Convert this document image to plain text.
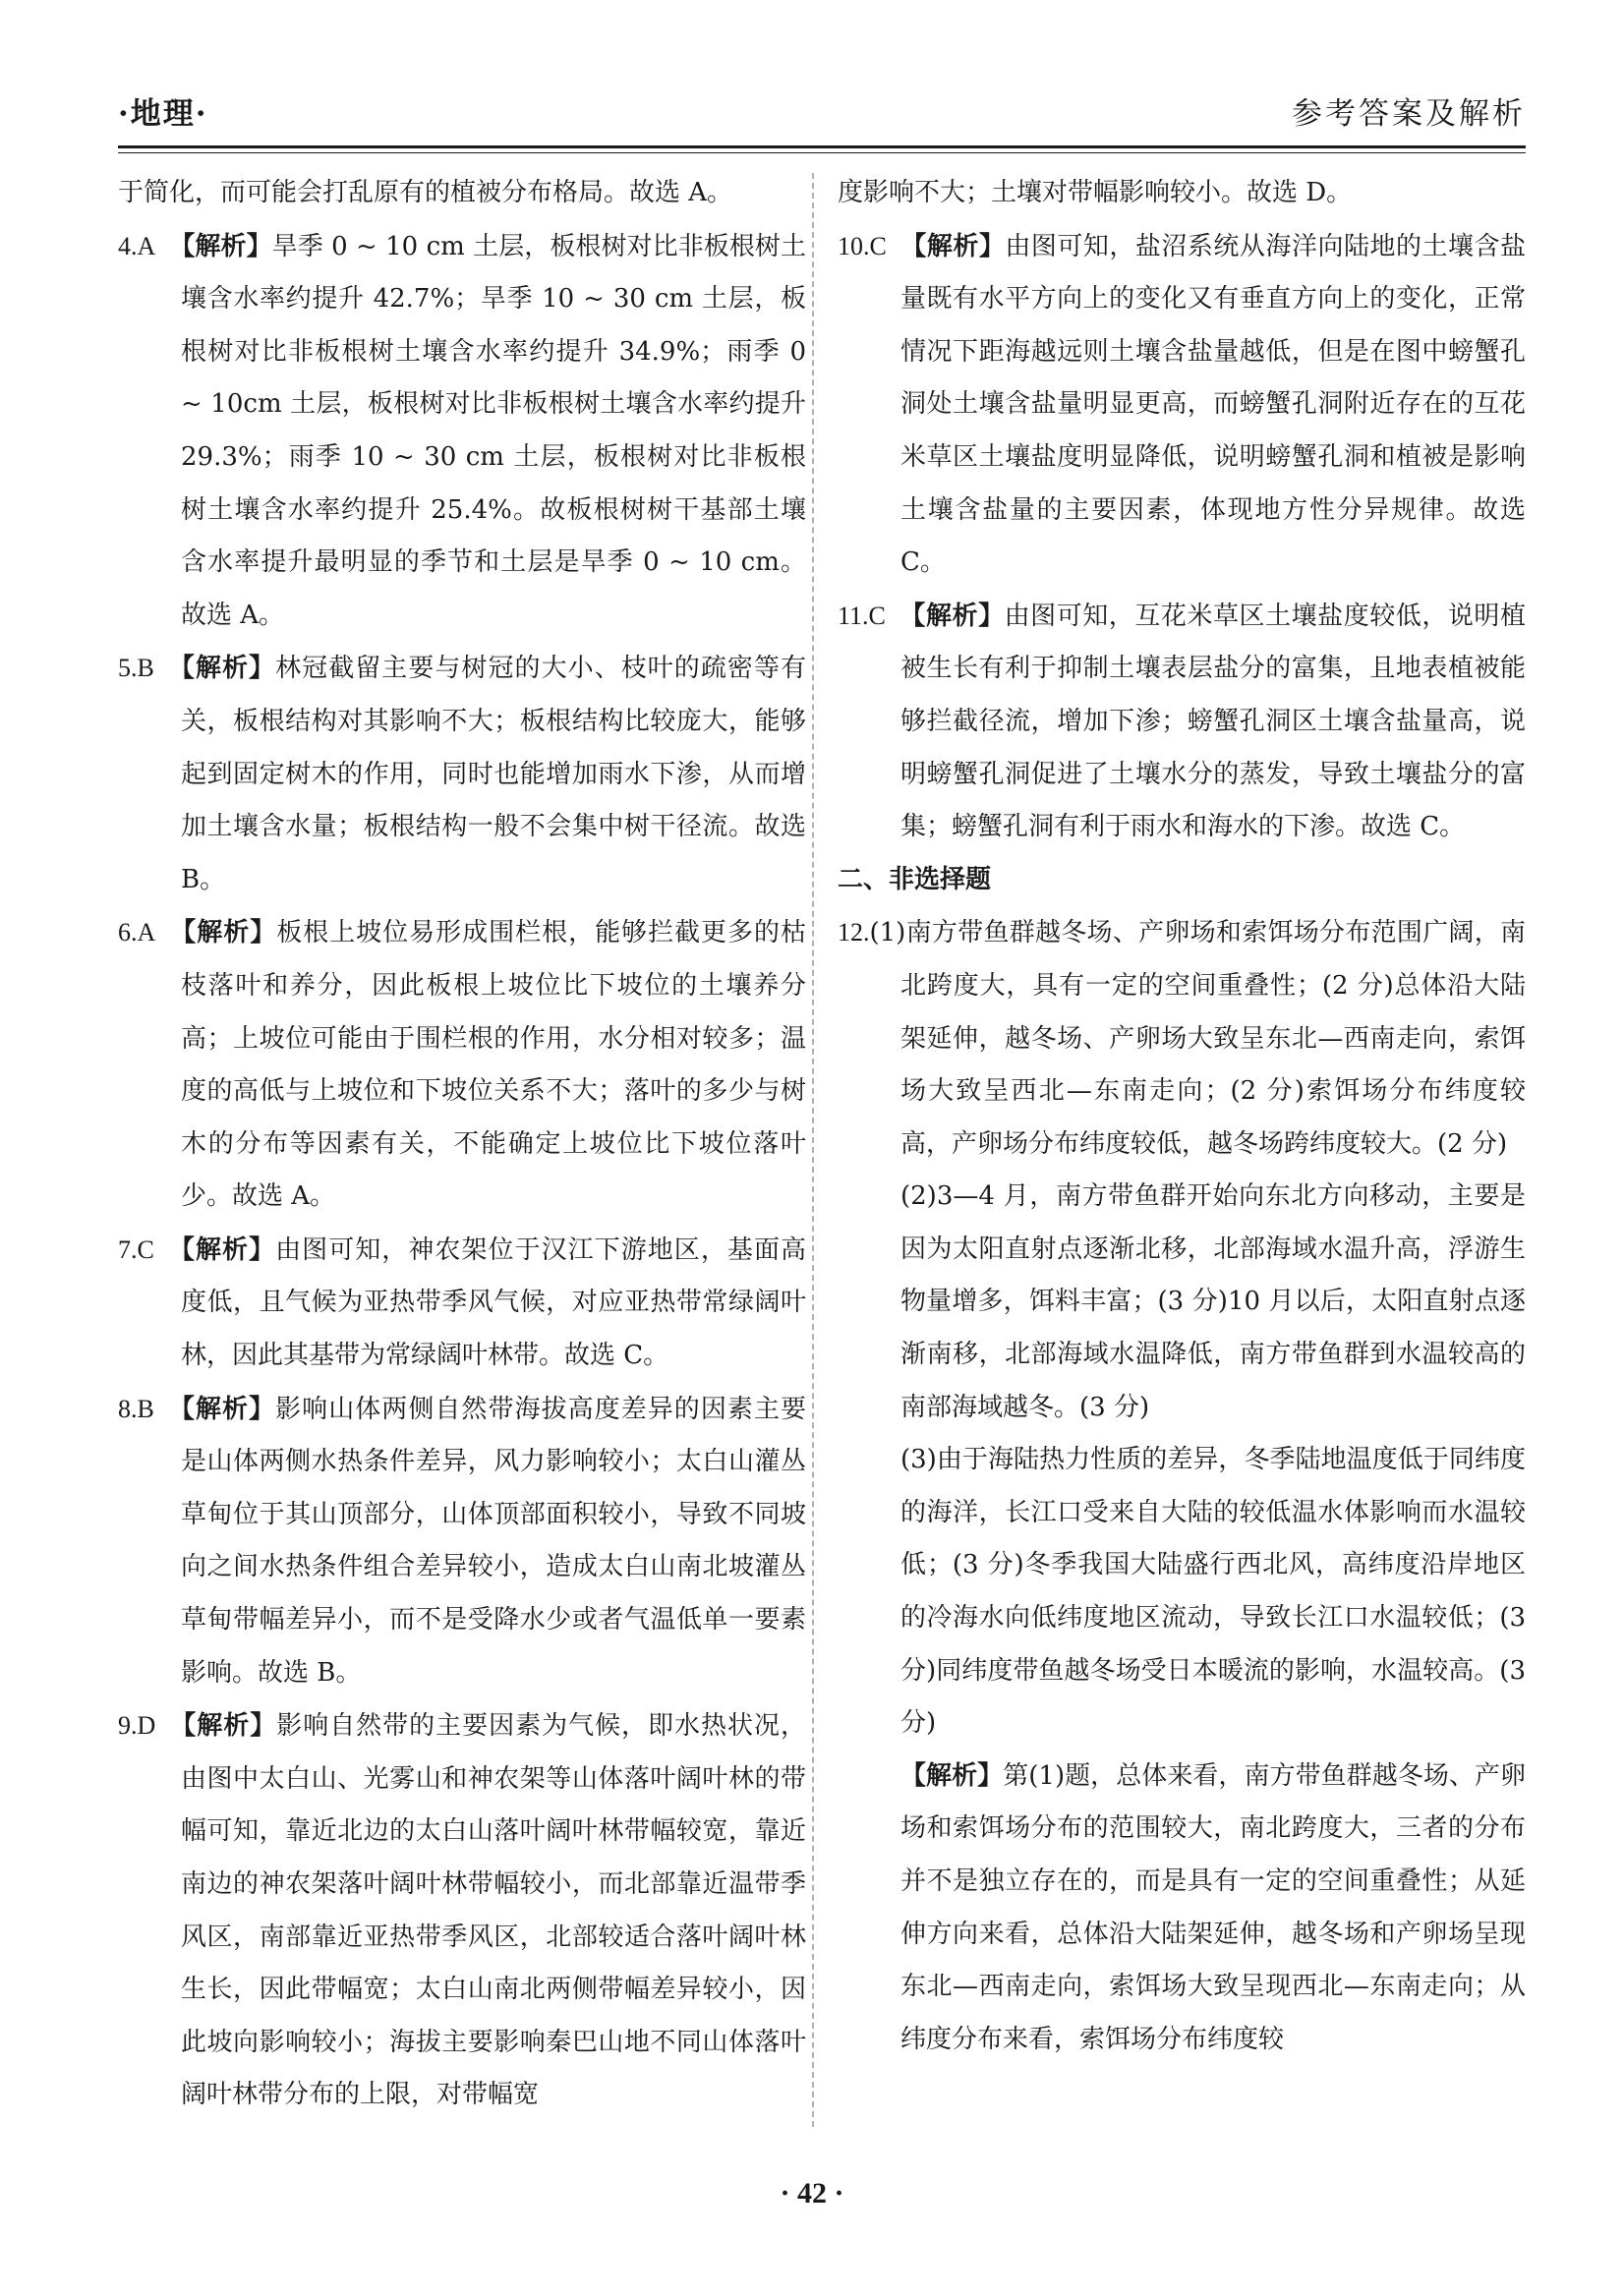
·地理·	参考答案及解析

于简化，而可能会打乱原有的植被分布格局。故选 A。

4.A 【解析】旱季 0 ~ 10 cm 土层，板根树对比非板根树土壤含水率约提升 42.7%；旱季 10 ~ 30 cm 土层，板根树对比非板根树土壤含水率约提升 34.9%；雨季 0 ~ 10cm 土层，板根树对比非板根树土壤含水率约提升 29.3%；雨季 10 ~ 30 cm 土层，板根树对比非板根树土壤含水率约提升 25.4%。故板根树树干基部土壤含水率提升最明显的季节和土层是旱季 0 ~ 10 cm。故选 A。

5.B 【解析】林冠截留主要与树冠的大小、枝叶的疏密等有关，板根结构对其影响不大；板根结构比较庞大，能够起到固定树木的作用，同时也能增加雨水下渗，从而增加土壤含水量；板根结构一般不会集中树干径流。故选 B。

6.A 【解析】板根上坡位易形成围栏根，能够拦截更多的枯枝落叶和养分，因此板根上坡位比下坡位的土壤养分高；上坡位可能由于围栏根的作用，水分相对较多；温度的高低与上坡位和下坡位关系不大；落叶的多少与树木的分布等因素有关，不能确定上坡位比下坡位落叶少。故选 A。

7.C 【解析】由图可知，神农架位于汉江下游地区，基面高度低，且气候为亚热带季风气候，对应亚热带常绿阔叶林，因此其基带为常绿阔叶林带。故选 C。

8.B 【解析】影响山体两侧自然带海拔高度差异的因素主要是山体两侧水热条件差异，风力影响较小；太白山灌丛草甸位于其山顶部分，山体顶部面积较小，导致不同坡向之间水热条件组合差异较小，造成太白山南北坡灌丛草甸带幅差异小，而不是受降水少或者气温低单一要素影响。故选 B。

9.D 【解析】影响自然带的主要因素为气候，即水热状况，由图中太白山、光雾山和神农架等山体落叶阔叶林的带幅可知，靠近北边的太白山落叶阔叶林带幅较宽，靠近南边的神农架落叶阔叶林带幅较小，而北部靠近温带季风区，南部靠近亚热带季风区，北部较适合落叶阔叶林生长，因此带幅宽；太白山南北两侧带幅差异较小，因此坡向影响较小；海拔主要影响秦巴山地不同山体落叶阔叶林带分布的上限，对带幅宽

度影响不大；土壤对带幅影响较小。故选 D。

10.C 【解析】由图可知，盐沼系统从海洋向陆地的土壤含盐量既有水平方向上的变化又有垂直方向上的变化，正常情况下距海越远则土壤含盐量越低，但是在图中螃蟹孔洞处土壤含盐量明显更高，而螃蟹孔洞附近存在的互花米草区土壤盐度明显降低，说明螃蟹孔洞和植被是影响土壤含盐量的主要因素，体现地方性分异规律。故选 C。

11.C 【解析】由图可知，互花米草区土壤盐度较低，说明植被生长有利于抑制土壤表层盐分的富集，且地表植被能够拦截径流，增加下渗；螃蟹孔洞区土壤含盐量高，说明螃蟹孔洞促进了土壤水分的蒸发，导致土壤盐分的富集；螃蟹孔洞有利于雨水和海水的下渗。故选 C。

二、非选择题

12.(1)南方带鱼群越冬场、产卵场和索饵场分布范围广阔，南北跨度大，具有一定的空间重叠性；(2 分)总体沿大陆架延伸，越冬场、产卵场大致呈东北—西南走向，索饵场大致呈西北—东南走向；(2 分)索饵场分布纬度较高，产卵场分布纬度较低，越冬场跨纬度较大。(2 分)

(2)3—4 月，南方带鱼群开始向东北方向移动，主要是因为太阳直射点逐渐北移，北部海域水温升高，浮游生物量增多，饵料丰富；(3 分)10 月以后，太阳直射点逐渐南移，北部海域水温降低，南方带鱼群到水温较高的南部海域越冬。(3 分)

(3)由于海陆热力性质的差异，冬季陆地温度低于同纬度的海洋，长江口受来自大陆的较低温水体影响而水温较低；(3 分)冬季我国大陆盛行西北风，高纬度沿岸地区的冷海水向低纬度地区流动，导致长江口水温较低；(3 分)同纬度带鱼越冬场受日本暖流的影响，水温较高。(3 分)

【解析】第(1)题，总体来看，南方带鱼群越冬场、产卵场和索饵场分布的范围较大，南北跨度大，三者的分布并不是独立存在的，而是具有一定的空间重叠性；从延伸方向来看，总体沿大陆架延伸，越冬场和产卵场呈现东北—西南走向，索饵场大致呈现西北—东南走向；从纬度分布来看，索饵场分布纬度较

· 42 ·
